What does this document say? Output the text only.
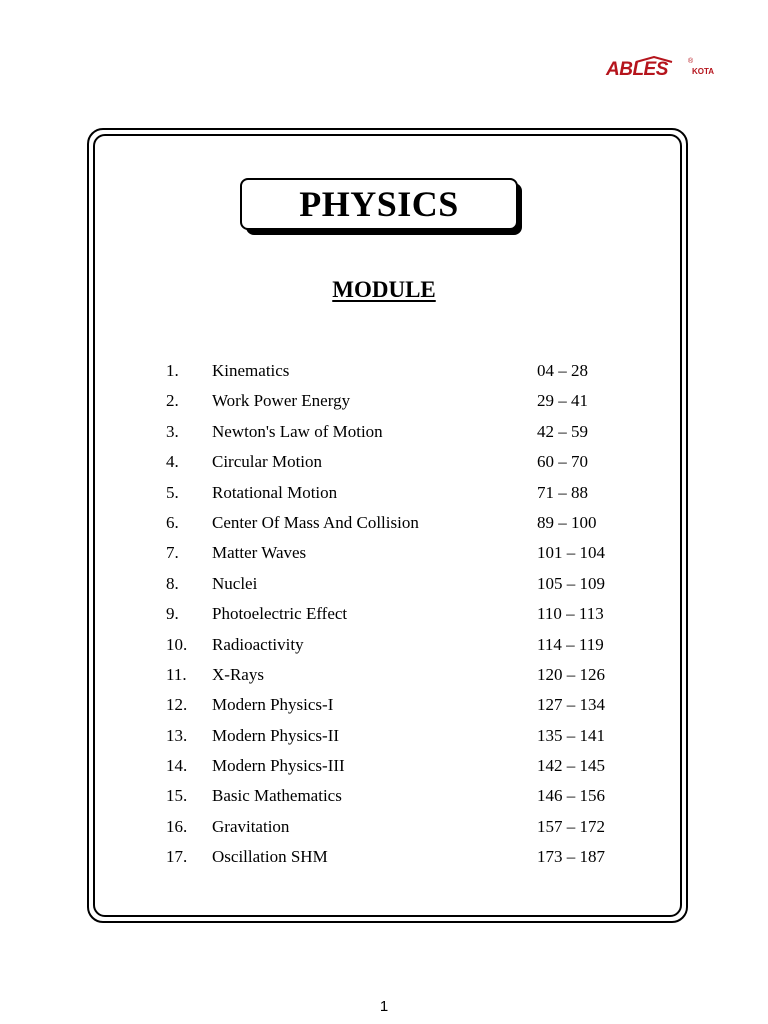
ABLES	®
KOTA
PHYSICS
MODULE
1. Kinematics	04 – 28
2. Work Power Energy	29 – 41
3. Newton's Law of Motion	42 – 59
4. Circular Motion	60 – 70
5. Rotational Motion	71 – 88
6. Center Of Mass And Collision	89 – 100
7. Matter Waves	101 – 104
8. Nuclei	105 – 109
9. Photoelectric Effect	110 – 113
10. Radioactivity	114 – 119
11. X-Rays	120 – 126
12. Modern Physics-I	127 – 134
13. Modern Physics-II	135 – 141
14. Modern Physics-III	142 – 145
15. Basic Mathematics	146 – 156
16. Gravitation	157 – 172
17. Oscillation SHM	173 – 187
1
